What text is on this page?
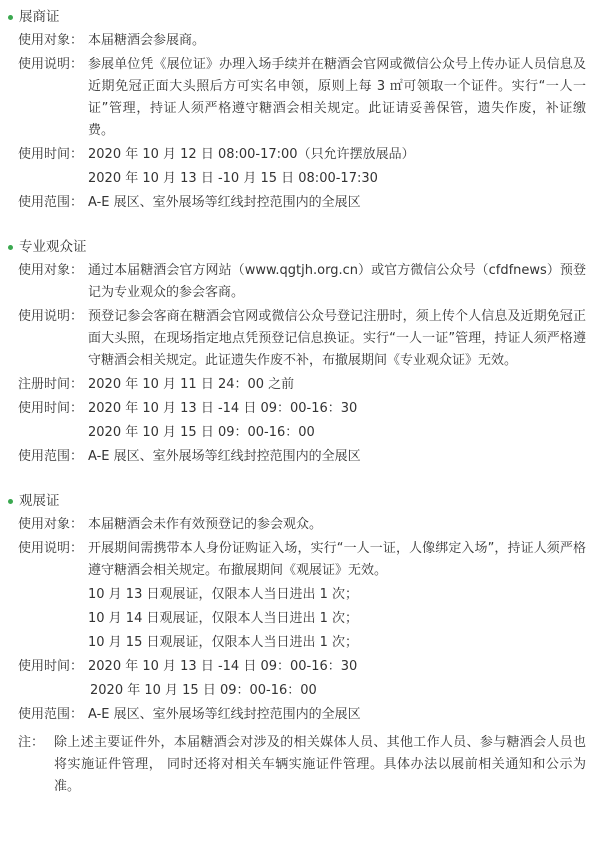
展商证
使用对象： 本届糖酒会参展商。
使用说明： 参展单位凭《展位证》办理入场手续并在糖酒会官网或微信公众号上传办证人员信息及近期免冠正面大头照后方可实名申领，原则上每 3 ㎡可领取一个证件。实行“一人一证”管理，持证人须严格遵守糖酒会相关规定。此证请妥善保管，遗失作废，补证缴费。
使用时间： 2020 年 10 月 12 日 08:00-17:00（只允许摆放展品）
2020 年 10 月 13 日 -10 月 15 日 08:00-17:30
使用范围： A-E 展区、室外展场等红线封控范围内的全展区
专业观众证
使用对象： 通过本届糖酒会官方网站（www.qgtjh.org.cn）或官方微信公众号（cfdfnews）预登记为专业观众的参会客商。
使用说明： 预登记参会客商在糖酒会官网或微信公众号登记注册时，须上传个人信息及近期免冠正面大头照，在现场指定地点凭预登记信息换证。实行“一人一证”管理，持证人须严格遵守糖酒会相关规定。此证遗失作废不补，布撤展期间《专业观众证》无效。
注册时间： 2020 年 10 月 11 日 24：00 之前
使用时间： 2020 年 10 月 13 日 -14 日 09：00-16：30
2020 年 10 月 15 日 09：00-16：00
使用范围： A-E 展区、室外展场等红线封控范围内的全展区
观展证
使用对象： 本届糖酒会未作有效预登记的参会观众。
使用说明： 开展期间需携带本人身份证购证入场，实行“一人一证，人像绑定入场”，持证人须严格遵守糖酒会相关规定。布撤展期间《观展证》无效。
10 月 13 日观展证，仅限本人当日进出 1 次；
10 月 14 日观展证，仅限本人当日进出 1 次；
10 月 15 日观展证，仅限本人当日进出 1 次；
使用时间： 2020 年 10 月 13 日 -14 日 09：00-16：30
2020 年 10 月 15 日 09：00-16：00
使用范围： A-E 展区、室外展场等红线封控范围内的全展区
注： 除上述主要证件外，本届糖酒会对涉及的相关媒体人员、其他工作人员、参与糖酒会人员也将实施证件管理， 同时还将对相关车辆实施证件管理。具体办法以展前相关通知和公示为准。
